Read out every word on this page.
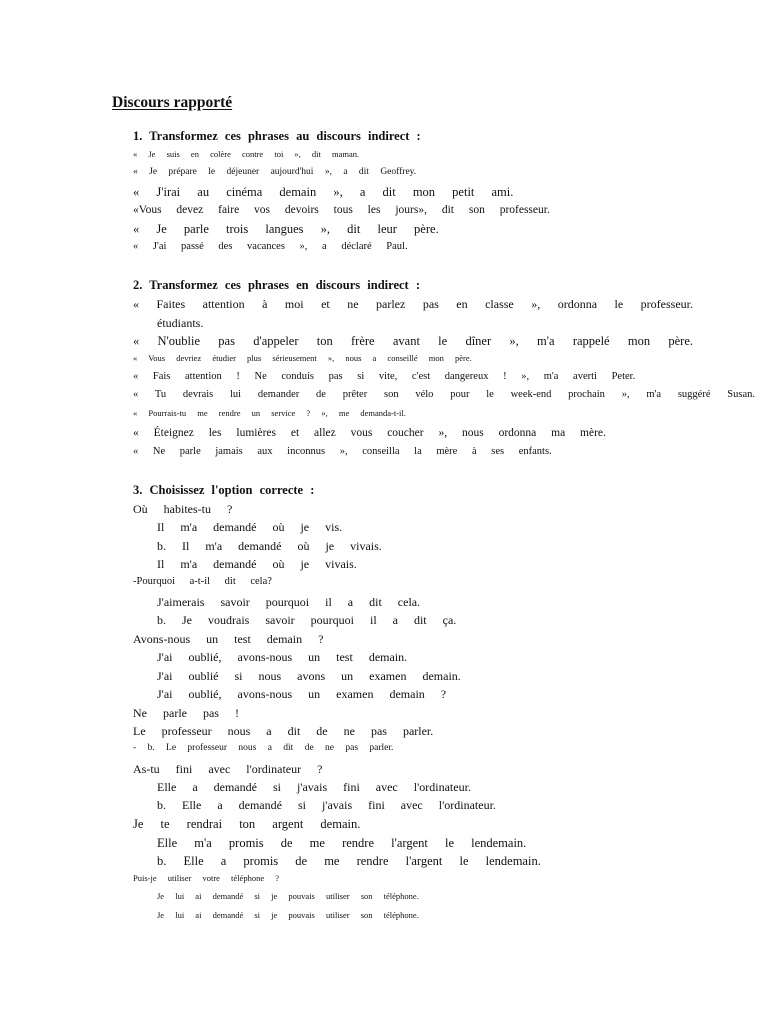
Discours rapporté
1. Transformez ces phrases au discours indirect :
« Je suis en colère contre toi », dit maman.
« Je prépare le déjeuner aujourd'hui », a dit Geoffrey.
« J'irai au cinéma demain », a dit mon petit ami.
«Vous devez faire vos devoirs tous les jours», dit son professeur.
« Je parle trois langues », dit leur père.
« J'ai passé des vacances », a déclaré Paul.
2. Transformez ces phrases en discours indirect :
« Faites attention à moi et ne parlez pas en classe », ordonna le professeur.
étudiants.
« N'oublie pas d'appeler ton frère avant le dîner », m'a rappelé mon père.
« Vous devriez étudier plus sérieusement », nous a conseillé mon père.
« Fais attention ! Ne conduis pas si vite, c'est dangereux ! », m'a averti Peter.
« Tu devrais lui demander de prêter son vélo pour le week-end prochain », m'a suggéré Susan.
« Pourrais-tu me rendre un service ? », me demanda-t-il.
« Éteignez les lumières et allez vous coucher », nous ordonna ma mère.
« Ne parle jamais aux inconnus », conseilla la mère à ses enfants.
3. Choisissez l'option correcte :
Où habites-tu ?
Il m'a demandé où je vis.
b. Il m'a demandé où je vivais.
Il m'a demandé où je vivais.
-Pourquoi a-t-il dit cela?
J'aimerais savoir pourquoi il a dit cela.
b. Je voudrais savoir pourquoi il a dit ça.
Avons-nous un test demain ?
J'ai oublié, avons-nous un test demain.
J'ai oublié si nous avons un examen demain.
J'ai oublié, avons-nous un examen demain ?
Ne parle pas !
Le professeur nous a dit de ne pas parler.
- b. Le professeur nous a dit de ne pas parler.
As-tu fini avec l'ordinateur ?
Elle a demandé si j'avais fini avec l'ordinateur.
b. Elle a demandé si j'avais fini avec l'ordinateur.
Je te rendrai ton argent demain.
Elle m'a promis de me rendre l'argent le lendemain.
b. Elle a promis de me rendre l'argent le lendemain.
Puis-je utiliser votre téléphone ?
Je lui ai demandé si je pouvais utiliser son téléphone.
Je lui ai demandé si je pouvais utiliser son téléphone.
